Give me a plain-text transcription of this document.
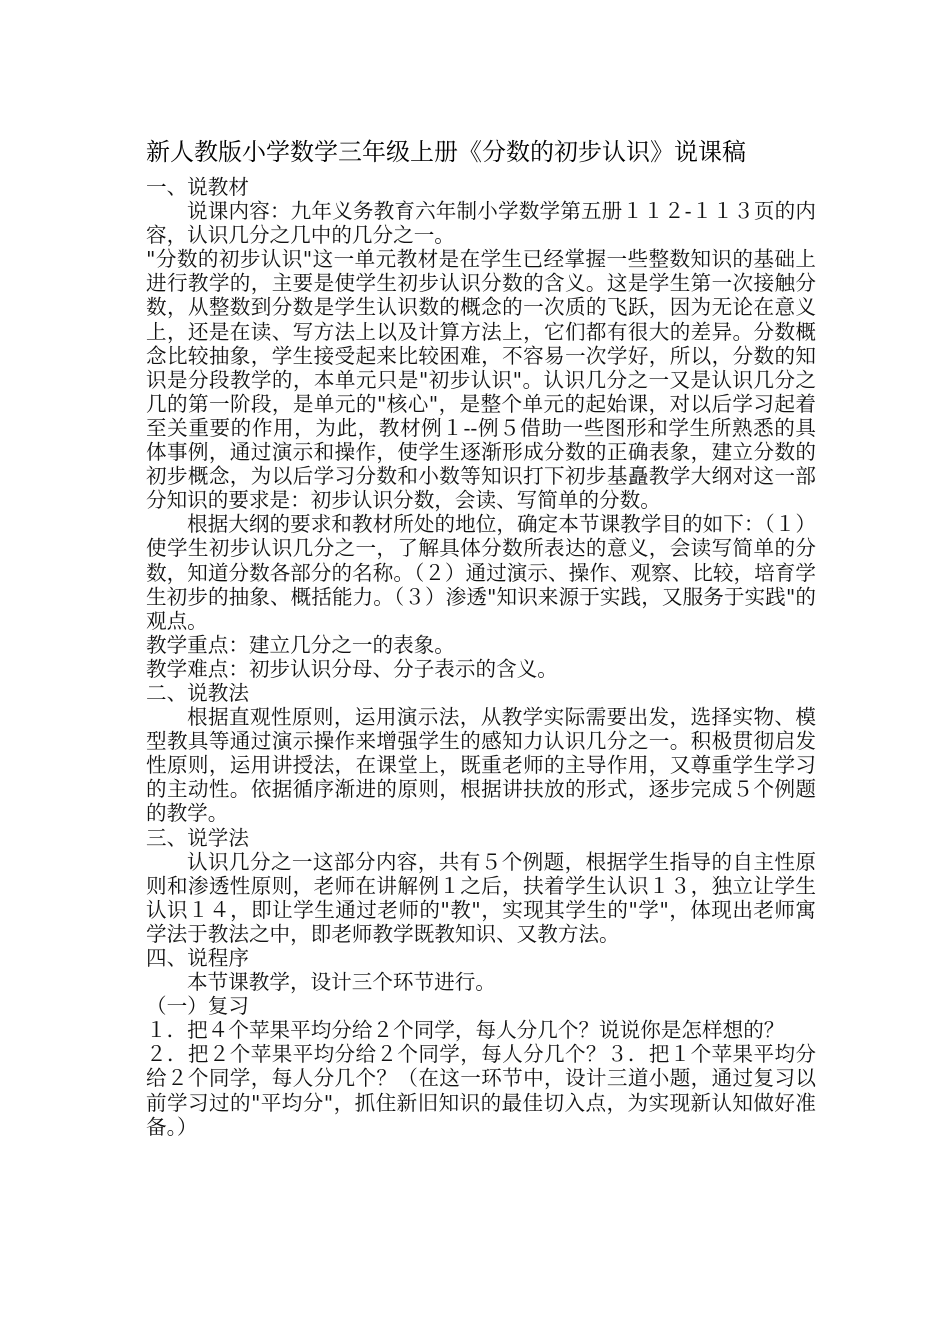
新人教版小学数学三年级上册《分数的初步认识》说课稿

一、说教材

说课内容：九年义务教育六年制小学数学第五册１１２-１１３页的内容，认识几分之几中的几分之一。

"分数的初步认识"这一单元教材是在学生已经掌握一些整数知识的基础上进行教学的，主要是使学生初步认识分数的含义。这是学生第一次接触分数，从整数到分数是学生认识数的概念的一次质的飞跃，因为无论在意义上，还是在读、写方法上以及计算方法上，它们都有很大的差异。分数概念比较抽象，学生接受起来比较困难，不容易一次学好，所以，分数的知识是分段教学的，本单元只是"初步认识"。认识几分之一又是认识几分之几的第一阶段，是单元的"核心"，是整个单元的起始课，对以后学习起着至关重要的作用，为此，教材例１--例５借助一些图形和学生所熟悉的具体事例，通过演示和操作，使学生逐渐形成分数的正确表象，建立分数的初步概念，为以后学习分数和小数等知识打下初步基矗教学大纲对这一部分知识的要求是：初步认识分数，会读、写简单的分数。

根据大纲的要求和教材所处的地位，确定本节课教学目的如下：（１）使学生初步认识几分之一，了解具体分数所表达的意义，会读写简单的分数，知道分数各部分的名称。（２）通过演示、操作、观察、比较，培育学生初步的抽象、概括能力。（３）渗透"知识来源于实践，又服务于实践"的观点。

教学重点：建立几分之一的表象。

教学难点：初步认识分母、分子表示的含义。

二、说教法

根据直观性原则，运用演示法，从教学实际需要出发，选择实物、模型教具等通过演示操作来增强学生的感知力认识几分之一。积极贯彻启发性原则，运用讲授法，在课堂上，既重老师的主导作用，又尊重学生学习的主动性。依据循序渐进的原则，根据讲扶放的形式，逐步完成５个例题的教学。

三、说学法

认识几分之一这部分内容，共有５个例题，根据学生指导的自主性原则和渗透性原则，老师在讲解例１之后，扶着学生认识１３，独立让学生认识１４，即让学生通过老师的"教"，实现其学生的"学"，体现出老师寓学法于教法之中，即老师教学既教知识、又教方法。

四、说程序

本节课教学，设计三个环节进行。

（一）复习

１．把４个苹果平均分给２个同学，每人分几个？说说你是怎样想的？

２．把２个苹果平均分给２个同学，每人分几个？３．把１个苹果平均分给２个同学，每人分几个？（在这一环节中，设计三道小题，通过复习以前学习过的"平均分"，抓住新旧知识的最佳切入点，为实现新认知做好准备。）
